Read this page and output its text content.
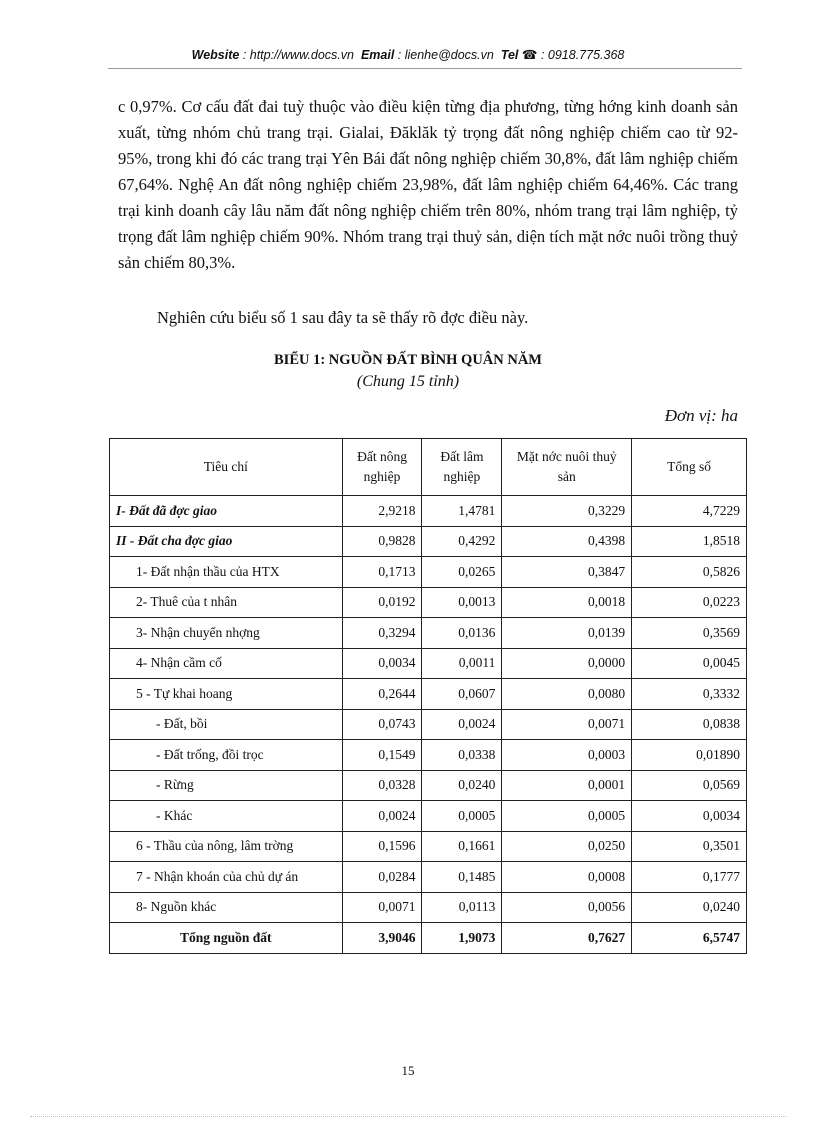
Website : http://www.docs.vn Email : lienhe@docs.vn Tel ☎ : 0918.775.368
c 0,97%. Cơ cấu đất đai tuỳ thuộc vào điều kiện từng địa phương, từng hớng kinh doanh sản xuất, từng nhóm chủ trang trại. Gialai, Đăklăk tỷ trọng đất nông nghiệp chiếm cao từ 92-95%, trong khi đó các trang trại Yên Bái đất nông nghiệp chiếm 30,8%, đất lâm nghiệp chiếm 67,64%. Nghệ An đất nông nghiệp chiếm 23,98%, đất lâm nghiệp chiếm 64,46%. Các trang trại kinh doanh cây lâu năm đất nông nghiệp chiếm trên 80%, nhóm trang trại lâm nghiệp, tỷ trọng đất lâm nghiệp chiếm 90%. Nhóm trang trại thuỷ sản, diện tích mặt nớc nuôi trồng thuỷ sản chiếm 80,3%.
Nghiên cứu biểu số 1 sau đây ta sẽ thấy rõ đợc điều này.
BIỂU 1: NGUỒN ĐẤT BÌNH QUÂN NĂM
(Chung 15 tỉnh)
Đơn vị: ha
Tiêu chí	Đất nông nghiệp	Đất lâm nghiệp	Mặt nớc nuôi thuỷ sản	Tổng số
I- Đất đã đợc giao	2,9218	1,4781	0,3229	4,7229
II - Đất cha đợc giao	0,9828	0,4292	0,4398	1,8518
1- Đất nhận thầu của HTX	0,1713	0,0265	0,3847	0,5826
2- Thuê của t nhân	0,0192	0,0013	0,0018	0,0223
3- Nhận chuyển nhợng	0,3294	0,0136	0,0139	0,3569
4- Nhận cầm cố	0,0034	0,0011	0,0000	0,0045
5 - Tự khai hoang	0,2644	0,0607	0,0080	0,3332
- Đất, bồi	0,0743	0,0024	0,0071	0,0838
- Đất trống, đồi trọc	0,1549	0,0338	0,0003	0,01890
- Rừng	0,0328	0,0240	0,0001	0,0569
- Khác	0,0024	0,0005	0,0005	0,0034
6 - Thầu của nông, lâm trờng	0,1596	0,1661	0,0250	0,3501
7 - Nhận khoán của chủ dự án	0,0284	0,1485	0,0008	0,1777
8- Nguồn khác	0,0071	0,0113	0,0056	0,0240
Tổng nguồn đất	3,9046	1,9073	0,7627	6,5747
15
